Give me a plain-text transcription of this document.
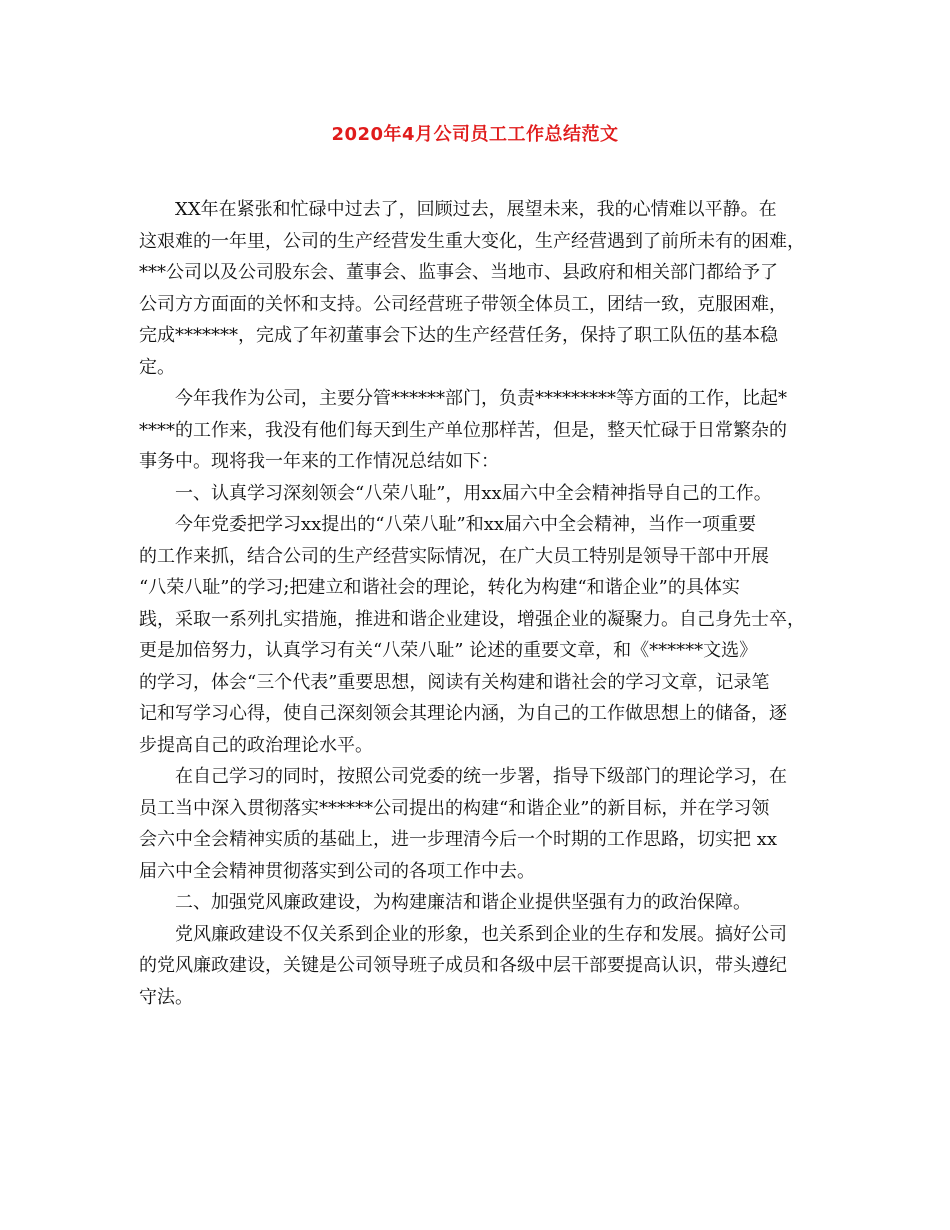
2020年4月公司员工工作总结范文
XX年在紧张和忙碌中过去了，回顾过去，展望未来，我的心情难以平静。在
这艰难的一年里，公司的生产经营发生重大变化，生产经营遇到了前所未有的困难，
***公司以及公司股东会、董事会、监事会、当地市、县政府和相关部门都给予了
公司方方面面的关怀和支持。公司经营班子带领全体员工，团结一致，克服困难，
完成*******，完成了年初董事会下达的生产经营任务，保持了职工队伍的基本稳
定。
今年我作为公司，主要分管******部门，负责*********等方面的工作，比起*
****的工作来，我没有他们每天到生产单位那样苦，但是，整天忙碌于日常繁杂的
事务中。现将我一年来的工作情况总结如下：
一、认真学习深刻领会“八荣八耻”，用xx届六中全会精神指导自己的工作。
今年党委把学习xx提出的“八荣八耻”和xx届六中全会精神，当作一项重要
的工作来抓，结合公司的生产经营实际情况，在广大员工特别是领导干部中开展
“八荣八耻”的学习;把建立和谐社会的理论，转化为构建“和谐企业”的具体实
践，采取一系列扎实措施，推进和谐企业建设，增强企业的凝聚力。自己身先士卒，
更是加倍努力，认真学习有关“八荣八耻” 论述的重要文章，和《******文选》
的学习，体会“三个代表”重要思想，阅读有关构建和谐社会的学习文章，记录笔
记和写学习心得，使自己深刻领会其理论内涵，为自己的工作做思想上的储备，逐
步提高自己的政治理论水平。
在自己学习的同时，按照公司党委的统一步署，指导下级部门的理论学习，在
员工当中深入贯彻落实******公司提出的构建“和谐企业”的新目标，并在学习领
会六中全会精神实质的基础上，进一步理清今后一个时期的工作思路，切实把 xx
届六中全会精神贯彻落实到公司的各项工作中去。
二、加强党风廉政建设，为构建廉洁和谐企业提供坚强有力的政治保障。
党风廉政建设不仅关系到企业的形象，也关系到企业的生存和发展。搞好公司
的党风廉政建设，关键是公司领导班子成员和各级中层干部要提高认识，带头遵纪
守法。
